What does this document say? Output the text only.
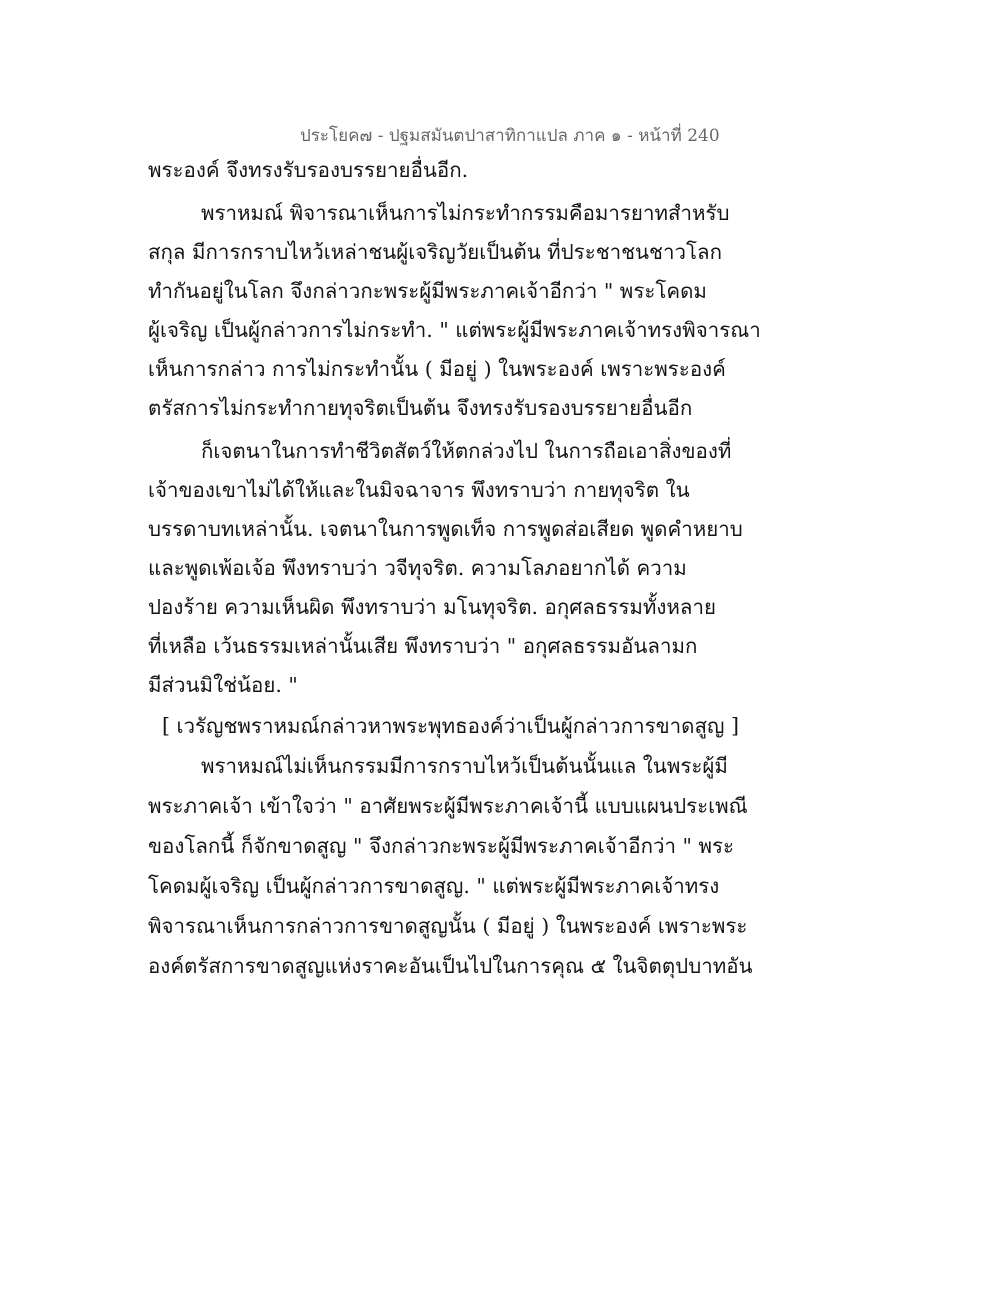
ประโยค๗ - ปฐมสมันตปาสาทิกาแปล ภาค ๑ - หน้าที่ 240
พระองค์ จึงทรงรับรองบรรยายอื่นอีก.
พราหมณ์ พิจารณาเห็นการไม่กระทำกรรมคือมารยาทสำหรับ
สกุล มีการกราบไหว้เหล่าชนผู้เจริญวัยเป็นต้น ที่ประชาชนชาวโลก
ทำกันอยู่ในโลก จึงกล่าวกะพระผู้มีพระภาคเจ้าอีกว่า " พระโคดม
ผู้เจริญ เป็นผู้กล่าวการไม่กระทำ. " แต่พระผู้มีพระภาคเจ้าทรงพิจารณา
เห็นการกล่าว การไม่กระทำนั้น ( มีอยู่ ) ในพระองค์ เพราะพระองค์
ตรัสการไม่กระทำกายทุจริตเป็นต้น จึงทรงรับรองบรรยายอื่นอีก
ก็เจตนาในการทำชีวิตสัตว์ให้ตกล่วงไป ในการถือเอาสิ่งของที่
เจ้าของเขาไม่ได้ให้และในมิจฉาจาร พึงทราบว่า กายทุจริต ใน
บรรดาบทเหล่านั้น. เจตนาในการพูดเท็จ การพูดส่อเสียด พูดคำหยาบ
และพูดเพ้อเจ้อ พึงทราบว่า วจีทุจริต. ความโลภอยากได้ ความ
ปองร้าย ความเห็นผิด พึงทราบว่า มโนทุจริต. อกุศลธรรมทั้งหลาย
ที่เหลือ เว้นธรรมเหล่านั้นเสีย พึงทราบว่า " อกุศลธรรมอันลามก
มีส่วนมิใช่น้อย. "
[ เวรัญชพราหมณ์กล่าวหาพระพุทธองค์ว่าเป็นผู้กล่าวการขาดสูญ ]
พราหมณ์ไม่เห็นกรรมมีการกราบไหว้เป็นต้นนั้นแล ในพระผู้มี
พระภาคเจ้า เข้าใจว่า " อาศัยพระผู้มีพระภาคเจ้านี้ แบบแผนประเพณี
ของโลกนี้ ก็จักขาดสูญ " จึงกล่าวกะพระผู้มีพระภาคเจ้าอีกว่า " พระ
โคดมผู้เจริญ เป็นผู้กล่าวการขาดสูญ. " แต่พระผู้มีพระภาคเจ้าทรง
พิจารณาเห็นการกล่าวการขาดสูญนั้น ( มีอยู่ ) ในพระองค์ เพราะพระ
องค์ตรัสการขาดสูญแห่งราคะอันเป็นไปในการคุณ ๕ ในจิตตุปบาทอัน
